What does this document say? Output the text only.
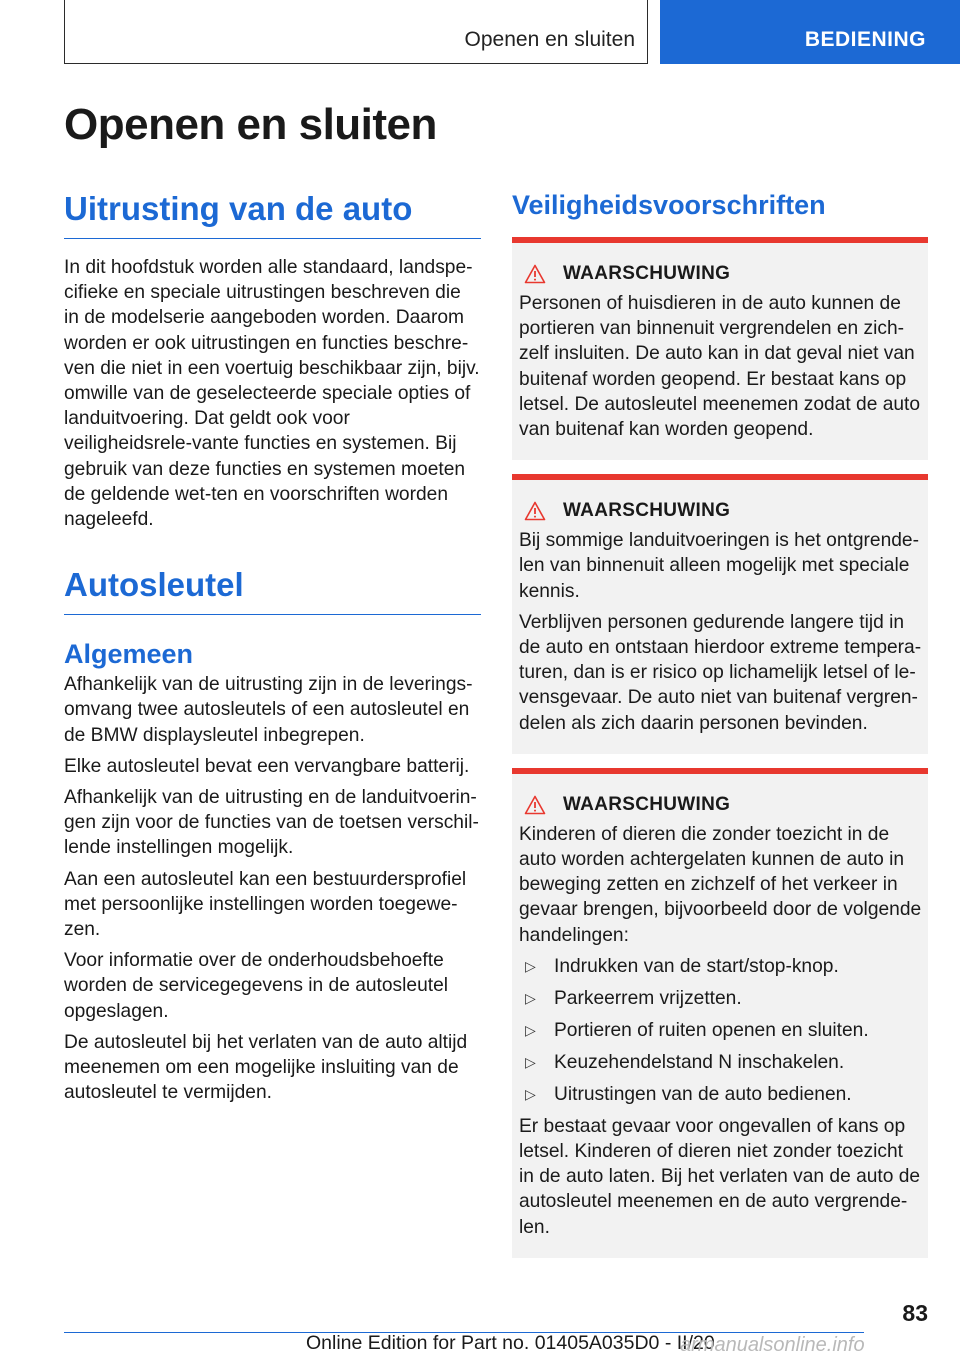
Openen en sluiten	BEDIENING
Openen en sluiten
Uitrusting van de auto

In dit hoofdstuk worden alle standaard, landspe-cifieke en speciale uitrustingen beschreven die in de modelserie aangeboden worden. Daarom worden er ook uitrustingen en functies beschre-ven die niet in een voertuig beschikbaar zijn, bijv. omwille van de geselecteerde speciale opties of landuitvoering. Dat geldt ook voor veiligheidsrele-vante functies en systemen. Bij gebruik van deze functies en systemen moeten de geldende wet-ten en voorschriften worden nageleefd.

Autosleutel
Algemeen

Afhankelijk van de uitrusting zijn in de leverings-omvang twee autosleutels of een autosleutel en de BMW displaysleutel inbegrepen.

Elke autosleutel bevat een vervangbare batterij.

Afhankelijk van de uitrusting en de landuitvoerin-gen zijn voor de functies van de toetsen verschil-lende instellingen mogelijk.

Aan een autosleutel kan een bestuurdersprofiel met persoonlijke instellingen worden toegewe-zen.

Voor informatie over de onderhoudsbehoefte worden de servicegegevens in de autosleutel opgeslagen.

De autosleutel bij het verlaten van de auto altijd meenemen om een mogelijke insluiting van de autosleutel te vermijden.

Veiligheidsvoorschriften
WAARSCHUWING

Personen of huisdieren in de auto kunnen de portieren van binnenuit vergrendelen en zich-zelf insluiten. De auto kan in dat geval niet van buitenaf worden geopend. Er bestaat kans op letsel. De autosleutel meenemen zodat de auto van buitenaf kan worden geopend.

WAARSCHUWING

Bij sommige landuitvoeringen is het ontgrende-len van binnenuit alleen mogelijk met speciale kennis.

Verblijven personen gedurende langere tijd in de auto en ontstaan hierdoor extreme tempera-turen, dan is er risico op lichamelijk letsel of le-vensgevaar. De auto niet van buitenaf vergren-delen als zich daarin personen bevinden.

WAARSCHUWING

Kinderen of dieren die zonder toezicht in de auto worden achtergelaten kunnen de auto in beweging zetten en zichzelf of het verkeer in gevaar brengen, bijvoorbeeld door de volgende handelingen:

▷ Indrukken van de start/stop-knop.
▷ Parkeerrem vrijzetten.
▷ Portieren of ruiten openen en sluiten.
▷ Keuzehendelstand N inschakelen.
▷ Uitrustingen van de auto bedienen.

Er bestaat gevaar voor ongevallen of kans op letsel. Kinderen of dieren niet zonder toezicht in de auto laten. Bij het verlaten van de auto de autosleutel meenemen en de auto vergrende-len.

83
Online Edition for Part no. 01405A035D0 - II/20
armanualsonline.info
